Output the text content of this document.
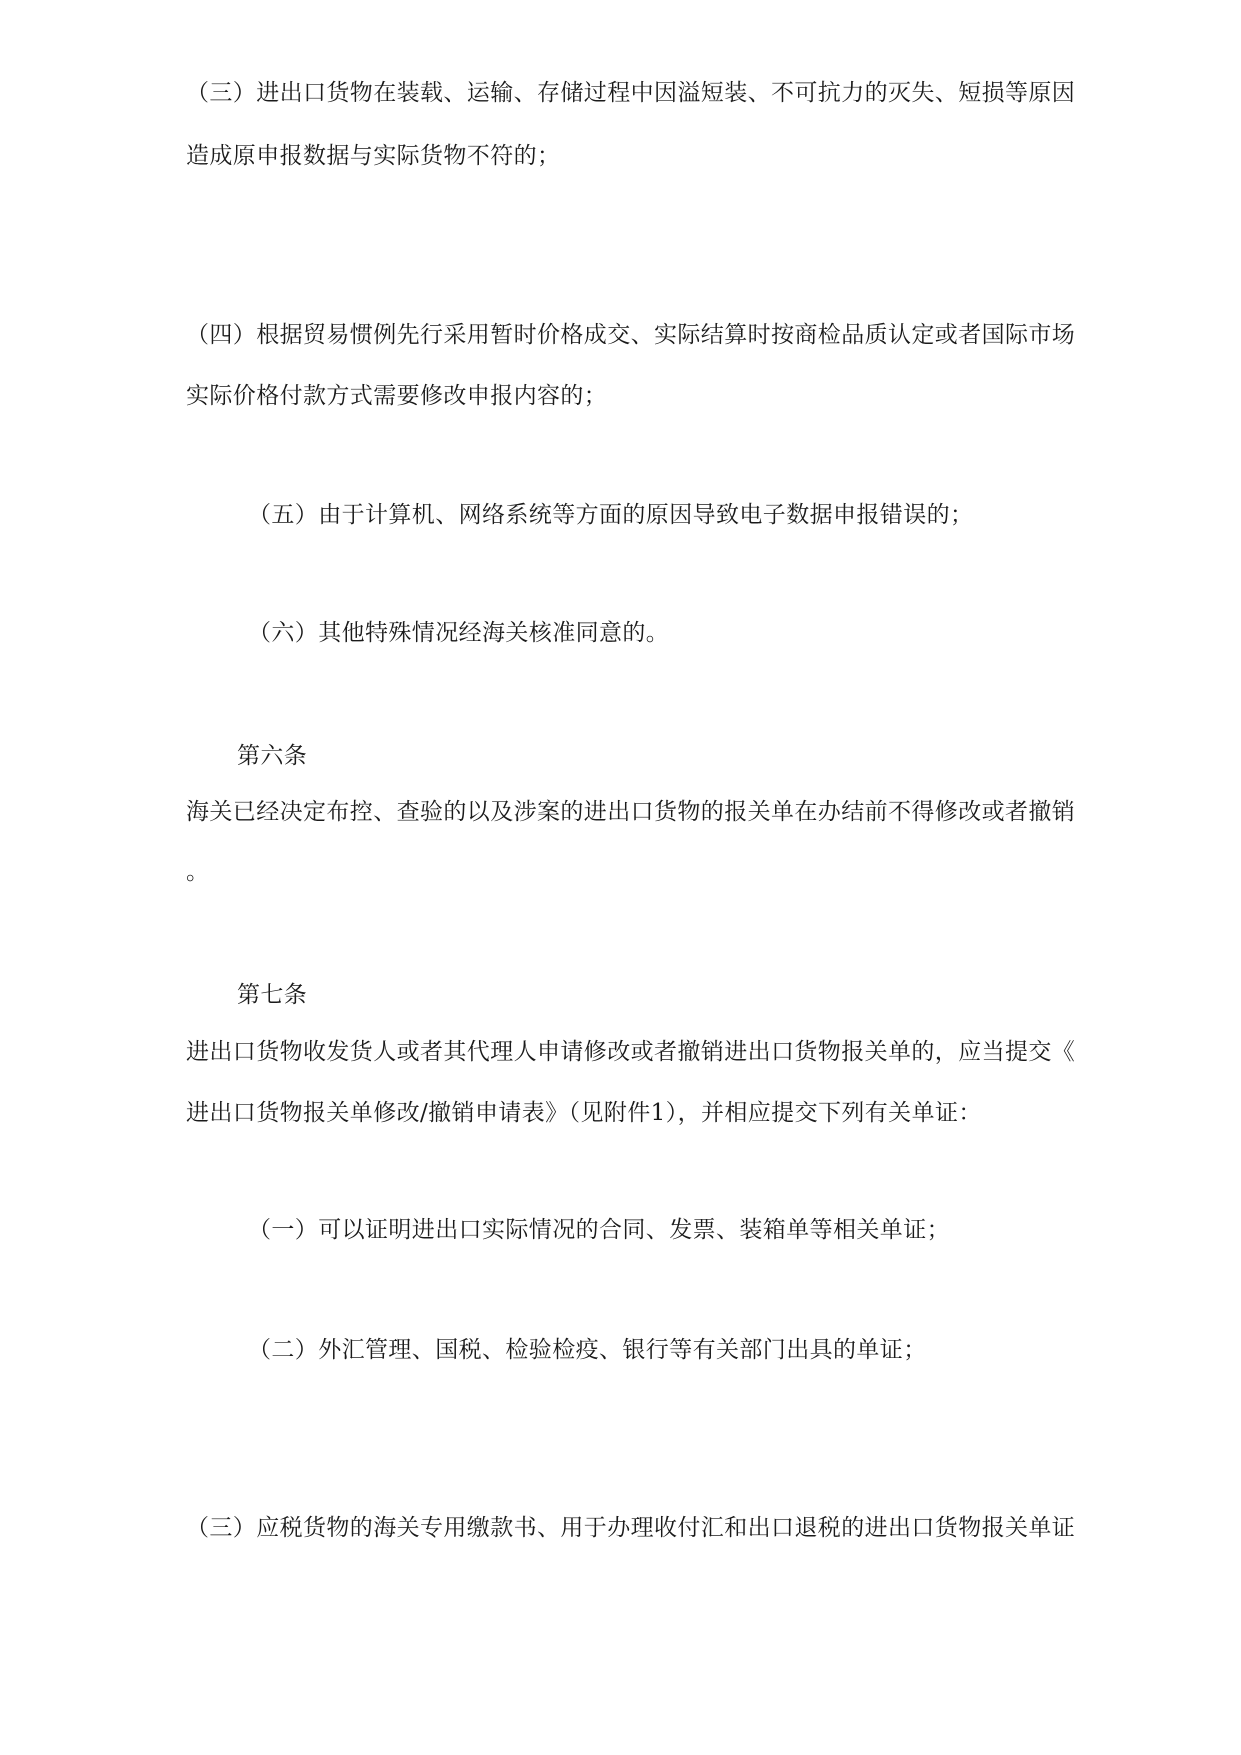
（三）进出口货物在装载、运输、存储过程中因溢短装、不可抗力的灭失、短损等原因
造成原申报数据与实际货物不符的；
（四）根据贸易惯例先行采用暂时价格成交、实际结算时按商检品质认定或者国际市场
实际价格付款方式需要修改申报内容的；
（五）由于计算机、网络系统等方面的原因导致电子数据申报错误的；
（六）其他特殊情况经海关核准同意的。
第六条
海关已经决定布控、查验的以及涉案的进出口货物的报关单在办结前不得修改或者撤销
。
第七条
进出口货物收发货人或者其代理人申请修改或者撤销进出口货物报关单的，应当提交《
进出口货物报关单修改/撤销申请表》（见附件1），并相应提交下列有关单证：
（一）可以证明进出口实际情况的合同、发票、装箱单等相关单证；
（二）外汇管理、国税、检验检疫、银行等有关部门出具的单证；
（三）应税货物的海关专用缴款书、用于办理收付汇和出口退税的进出口货物报关单证
